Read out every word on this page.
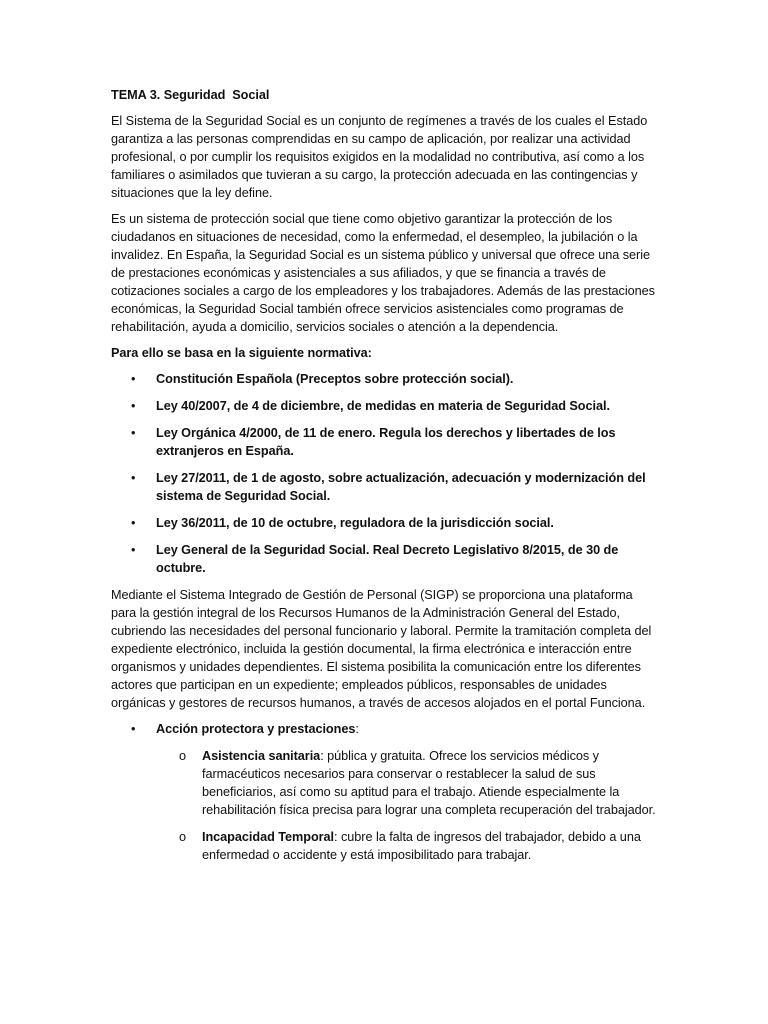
TEMA 3. Seguridad  Social

El Sistema de la Seguridad Social es un conjunto de regímenes a través de los cuales el Estado garantiza a las personas comprendidas en su campo de aplicación, por realizar una actividad profesional, o por cumplir los requisitos exigidos en la modalidad no contributiva, así como a los familiares o asimilados que tuvieran a su cargo, la protección adecuada en las contingencias y situaciones que la ley define.

Es un sistema de protección social que tiene como objetivo garantizar la protección de los ciudadanos en situaciones de necesidad, como la enfermedad, el desempleo, la jubilación o la invalidez. En España, la Seguridad Social es un sistema público y universal que ofrece una serie de prestaciones económicas y asistenciales a sus afiliados, y que se financia a través de cotizaciones sociales a cargo de los empleadores y los trabajadores. Además de las prestaciones económicas, la Seguridad Social también ofrece servicios asistenciales como programas de rehabilitación, ayuda a domicilio, servicios sociales o atención a la dependencia.

Para ello se basa en la siguiente normativa:

• Constitución Española (Preceptos sobre protección social).
• Ley 40/2007, de 4 de diciembre, de medidas en materia de Seguridad Social.
• Ley Orgánica 4/2000, de 11 de enero. Regula los derechos y libertades de los extranjeros en España.
• Ley 27/2011, de 1 de agosto, sobre actualización, adecuación y modernización del sistema de Seguridad Social.
• Ley 36/2011, de 10 de octubre, reguladora de la jurisdicción social.
• Ley General de la Seguridad Social. Real Decreto Legislativo 8/2015, de 30 de octubre.

Mediante el Sistema Integrado de Gestión de Personal (SIGP) se proporciona una plataforma para la gestión integral de los Recursos Humanos de la Administración General del Estado, cubriendo las necesidades del personal funcionario y laboral. Permite la tramitación completa del expediente electrónico, incluida la gestión documental, la firma electrónica e interacción entre organismos y unidades dependientes. El sistema posibilita la comunicación entre los diferentes actores que participan en un expediente; empleados públicos, responsables de unidades orgánicas y gestores de recursos humanos, a través de accesos alojados en el portal Funciona.

• Acción protectora y prestaciones:
o Asistencia sanitaria: pública y gratuita. Ofrece los servicios médicos y farmacéuticos necesarios para conservar o restablecer la salud de sus beneficiarios, así como su aptitud para el trabajo. Atiende especialmente la rehabilitación física precisa para lograr una completa recuperación del trabajador.
o Incapacidad Temporal: cubre la falta de ingresos del trabajador, debido a una enfermedad o accidente y está imposibilitado para trabajar.
